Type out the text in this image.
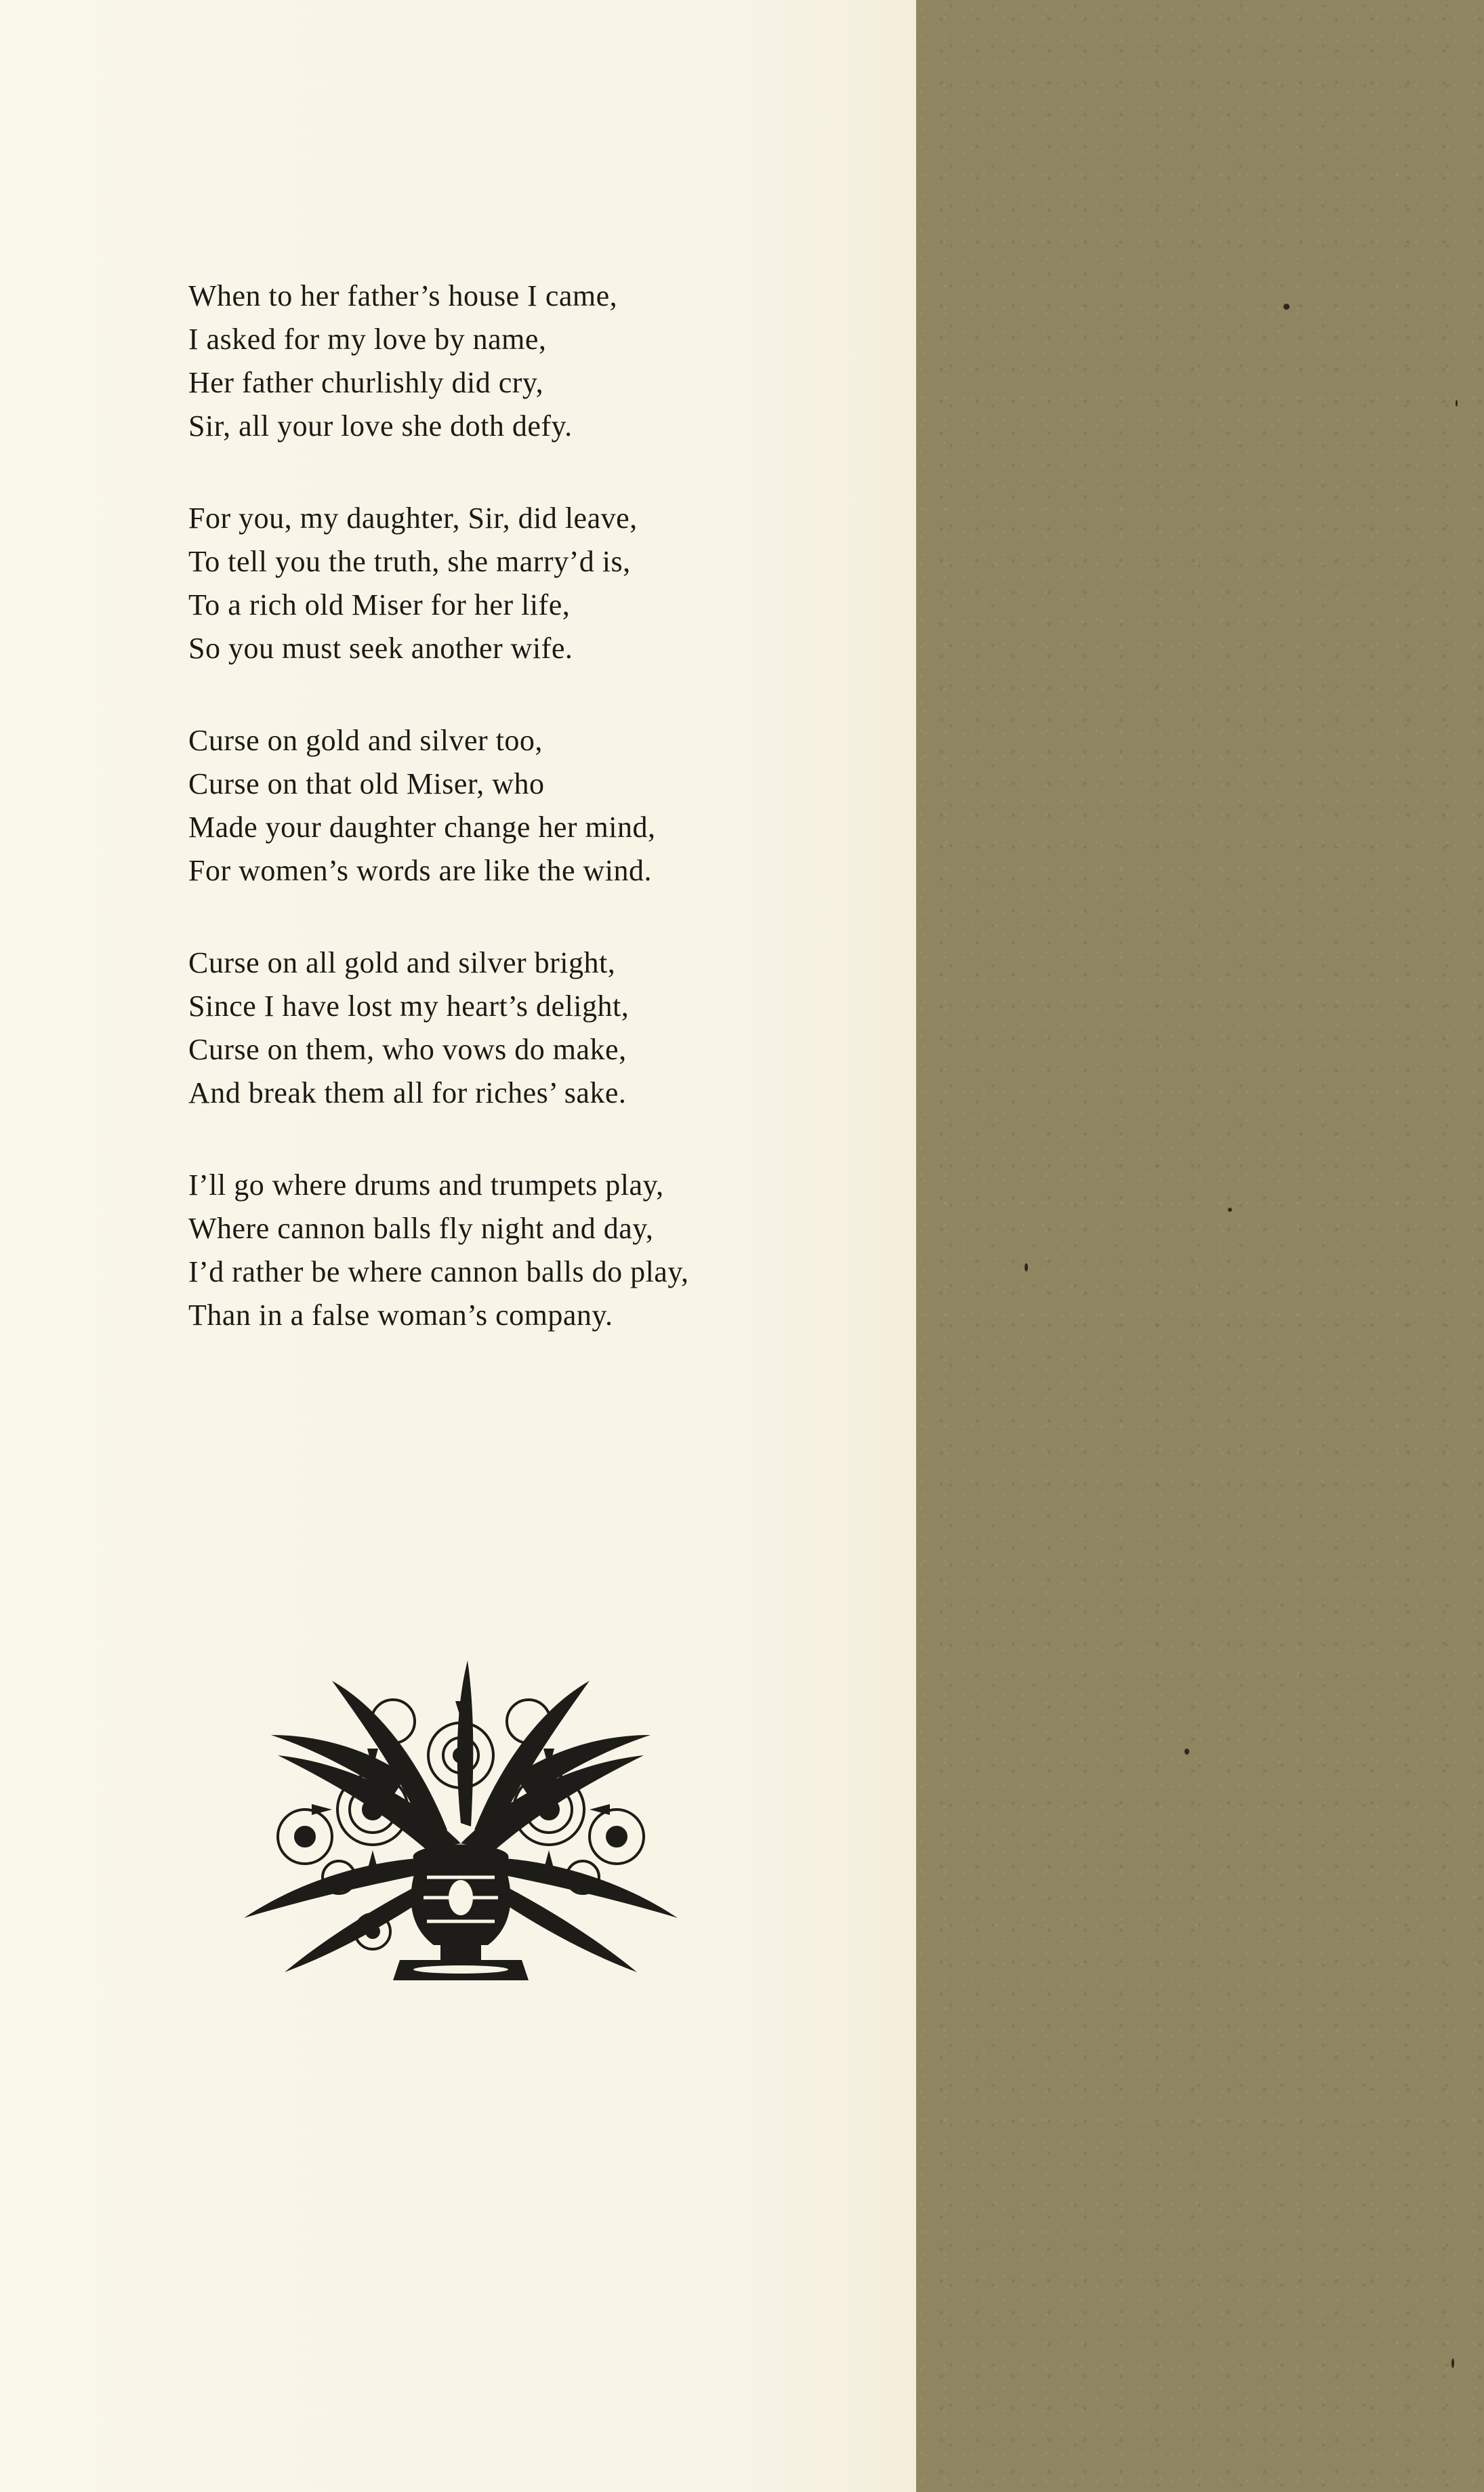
When to her father’s house I came,
I asked for my love by name,
Her father churlishly did cry,
Sir, all your love she doth defy.
For you, my daughter, Sir, did leave,
To tell you the truth, she marry’d is,
To a rich old Miser for her life,
So you must seek another wife.
Curse on gold and silver too,
Curse on that old Miser, who
Made your daughter change her mind,
For women’s words are like the wind.
Curse on all gold and silver bright,
Since I have lost my heart’s delight,
Curse on them, who vows do make,
And break them all for riches’ sake.
I’ll go where drums and trumpets play,
Where cannon balls fly night and day,
I’d rather be where cannon balls do play,
Than in a false woman’s company.
